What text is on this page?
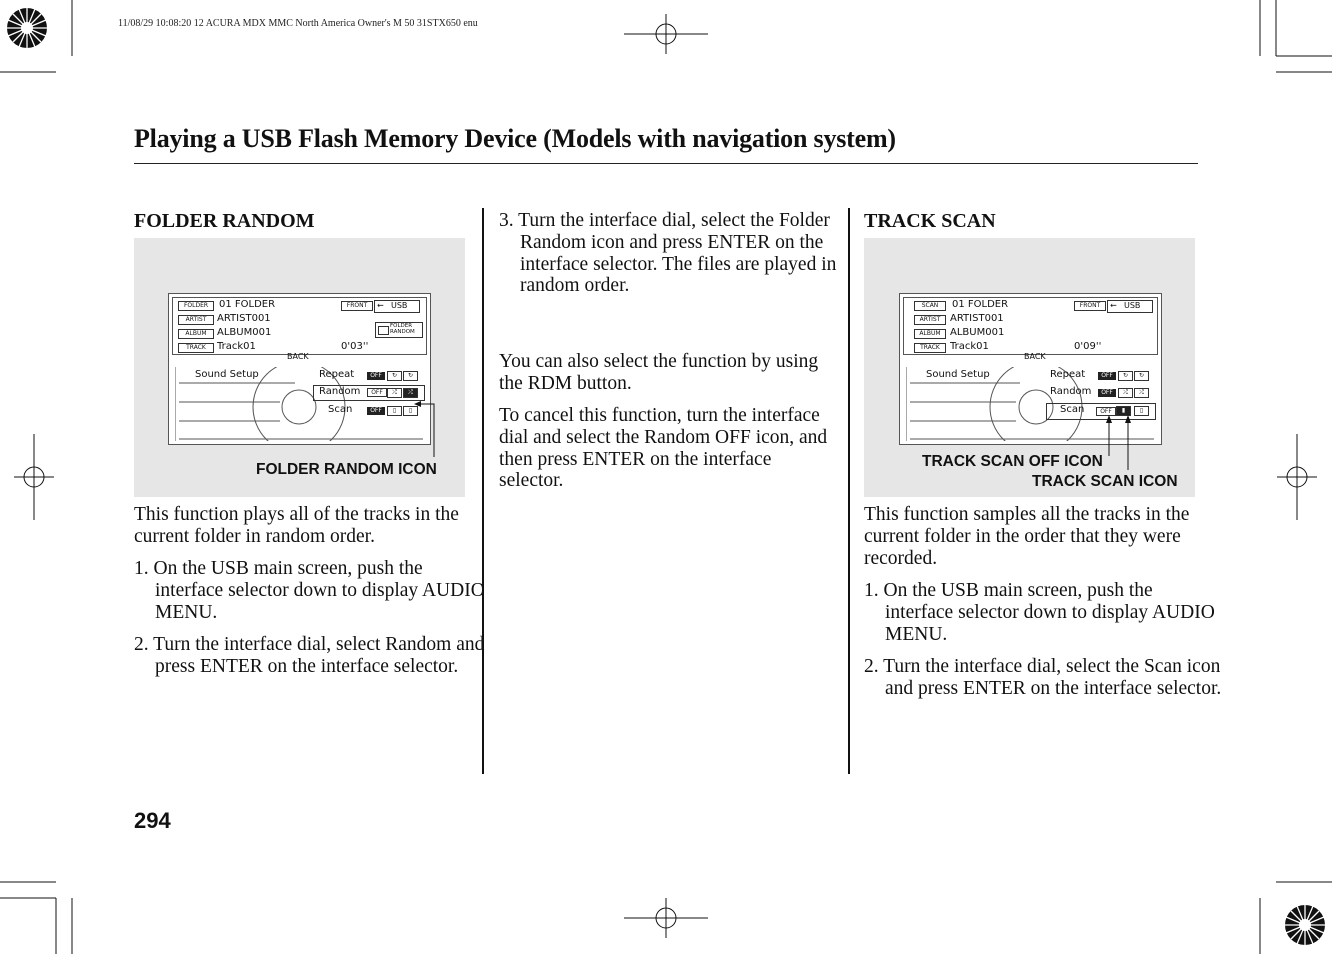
11/08/29 10:08:20 12 ACURA MDX MMC North America Owner's M 50 31STX650 enu
Playing a USB Flash Memory Device (Models with navigation system)
FOLDER RANDOM
FOLDER
ARTIST
ALBUM
TRACK
01 FOLDER
ARTIST001
ALBUM001
Track01	0'03''
FRONT	⇜ USB
FOLDER
RANDOM
BACK
Sound Setup	Repeat	OFF	↻	↻
Random	OFF	⤮	⤮
Scan	OFF	▯	▯
FOLDER RANDOM ICON
This function plays all of the tracks in the current folder in random order.
1. On the USB main screen, push the interface selector down to display AUDIO MENU.
2. Turn the interface dial, select Random and press ENTER on the interface selector.
3. Turn the interface dial, select the Folder Random icon and press ENTER on the interface selector. The files are played in random order.
You can also select the function by using the RDM button.
To cancel this function, turn the interface dial and select the Random OFF icon, and then press ENTER on the interface selector.
TRACK SCAN
SCAN
ARTIST
ALBUM
TRACK
01 FOLDER
ARTIST001
ALBUM001
Track01	0'09''
FRONT	⇜ USB
BACK
Sound Setup	Repeat	OFF	↻	↻
Random	OFF	⤮	⤮
Scan	OFF	▮	▯
TRACK SCAN OFF ICON
TRACK SCAN ICON
This function samples all the tracks in the current folder in the order that they were recorded.
1. On the USB main screen, push the interface selector down to display AUDIO MENU.
2. Turn the interface dial, select the Scan icon and press ENTER on the interface selector.
294
